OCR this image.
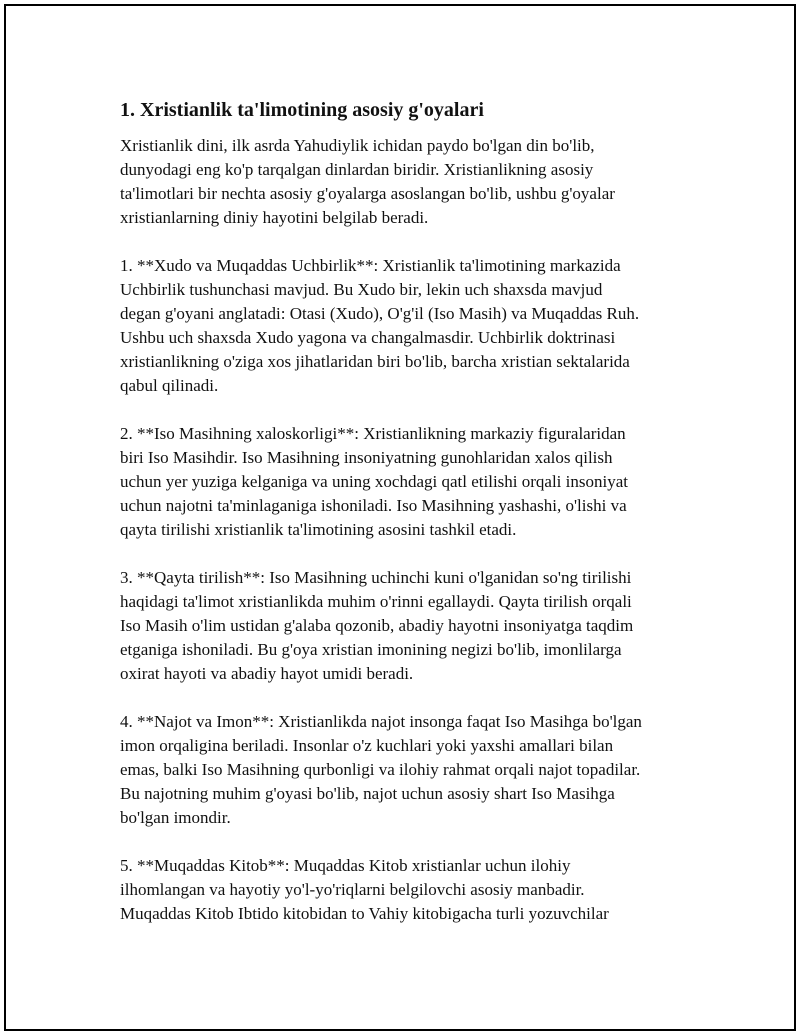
1. Xristianlik ta'limotining asosiy g'oyalari

Xristianlik dini, ilk asrda Yahudiylik ichidan paydo bo'lgan din bo'lib,
dunyodagi eng ko'p tarqalgan dinlardan biridir. Xristianlikning asosiy
ta'limotlari bir nechta asosiy g'oyalarga asoslangan bo'lib, ushbu g'oyalar
xristianlarning diniy hayotini belgilab beradi.

1. **Xudo va Muqaddas Uchbirlik**: Xristianlik ta'limotining markazida
Uchbirlik tushunchasi mavjud. Bu Xudo bir, lekin uch shaxsda mavjud
degan g'oyani anglatadi: Otasi (Xudo), O'g'il (Iso Masih) va Muqaddas Ruh.
Ushbu uch shaxsda Xudo yagona va changalmasdir. Uchbirlik doktrinasi
xristianlikning o'ziga xos jihatlaridan biri bo'lib, barcha xristian sektalarida
qabul qilinadi.

2. **Iso Masihning xaloskorligi**: Xristianlikning markaziy figuralaridan
biri Iso Masihdir. Iso Masihning insoniyatning gunohlaridan xalos qilish
uchun yer yuziga kelganiga va uning xochdagi qatl etilishi orqali insoniyat
uchun najotni ta'minlaganiga ishoniladi. Iso Masihning yashashi, o'lishi va
qayta tirilishi xristianlik ta'limotining asosini tashkil etadi.

3. **Qayta tirilish**: Iso Masihning uchinchi kuni o'lganidan so'ng tirilishi
haqidagi ta'limot xristianlikda muhim o'rinni egallaydi. Qayta tirilish orqali
Iso Masih o'lim ustidan g'alaba qozonib, abadiy hayotni insoniyatga taqdim
etganiga ishoniladi. Bu g'oya xristian imonining negizi bo'lib, imonlilarga
oxirat hayoti va abadiy hayot umidi beradi.

4. **Najot va Imon**: Xristianlikda najot insonga faqat Iso Masihga bo'lgan
imon orqaligina beriladi. Insonlar o'z kuchlari yoki yaxshi amallari bilan
emas, balki Iso Masihning qurbonligi va ilohiy rahmat orqali najot topadilar.
Bu najotning muhim g'oyasi bo'lib, najot uchun asosiy shart Iso Masihga
bo'lgan imondir.

5. **Muqaddas Kitob**: Muqaddas Kitob xristianlar uchun ilohiy
ilhomlangan va hayotiy yo'l-yo'riqlarni belgilovchi asosiy manbadir.
Muqaddas Kitob Ibtido kitobidan to Vahiy kitobigacha turli yozuvchilar
